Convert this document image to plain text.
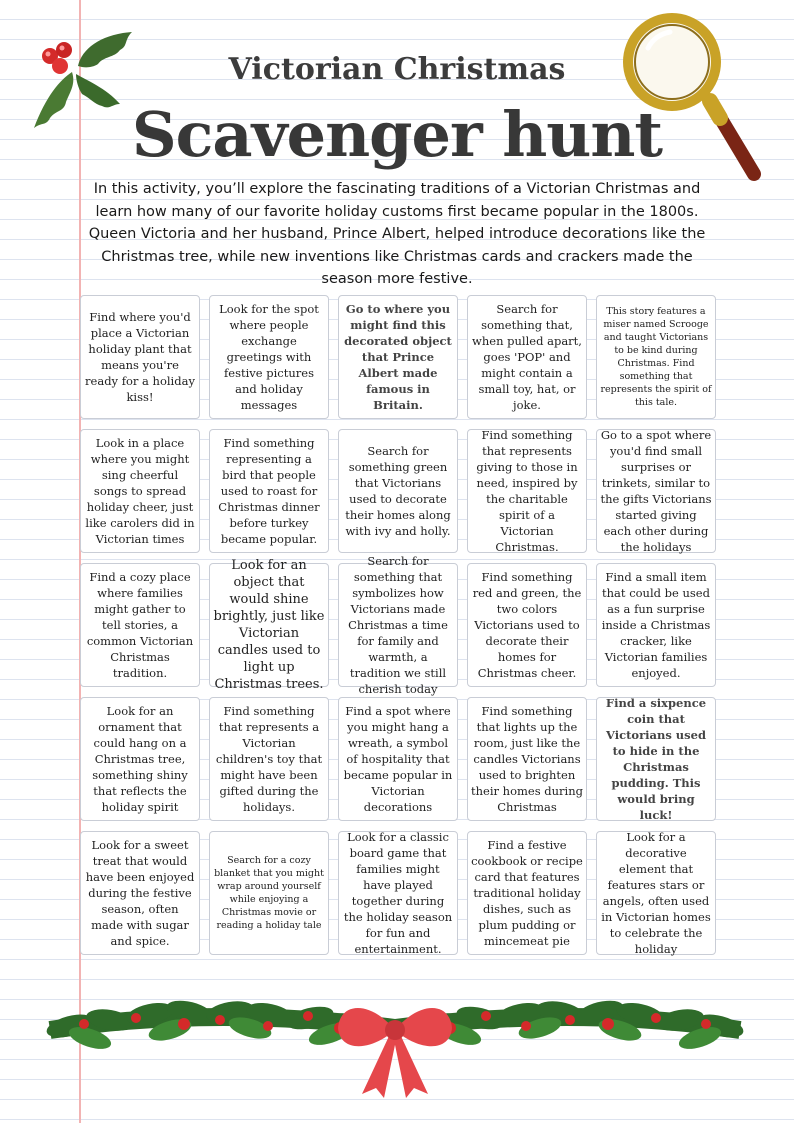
Victorian Christmas
Scavenger hunt
In this activity, you’ll explore the fascinating traditions of a Victorian Christmas and learn how many of our favorite holiday customs first became popular in the 1800s. Queen Victoria and her husband, Prince Albert, helped introduce decorations like the Christmas tree, while new inventions like Christmas cards and crackers made the season more festive.
Find where you'd place a Victorian holiday plant that means you're ready for a holiday kiss!
Look for the spot where people exchange greetings with festive pictures and holiday messages
Go to where you might find this decorated object that Prince Albert made famous in Britain.
Search for something that, when pulled apart, goes 'POP' and might contain a small toy, hat, or joke.
This story features a miser named Scrooge and taught Victorians to be kind during Christmas. Find something that represents the spirit of this tale.
Look in a place where you might sing cheerful songs to spread holiday cheer, just like carolers did in Victorian times
Find something representing a bird that people used to roast for Christmas dinner before turkey became popular.
Search for something green that Victorians used to decorate their homes along with ivy and holly.
Find something that represents giving to those in need, inspired by the charitable spirit of a Victorian Christmas.
Go to a spot where you'd find small surprises or trinkets, similar to the gifts Victorians started giving each other during the holidays
Find a cozy place where families might gather to tell stories, a common Victorian Christmas tradition.
Look for an object that would shine brightly, just like Victorian candles used to light up Christmas trees.
Search for something that symbolizes how Victorians made Christmas a time for family and warmth, a tradition we still cherish today
Find something red and green, the two colors Victorians used to decorate their homes for Christmas cheer.
Find a small item that could be used as a fun surprise inside a Christmas cracker, like Victorian families enjoyed.
Look for an ornament that could hang on a Christmas tree, something shiny that reflects the holiday spirit
Find something that represents a Victorian children's toy that might have been gifted during the holidays.
Find a spot where you might hang a wreath, a symbol of hospitality that became popular in Victorian decorations
Find something that lights up the room, just like the candles Victorians used to brighten their homes during Christmas
Find a sixpence coin that Victorians used to hide in the Christmas pudding. This would bring luck!
Look for a sweet treat that would have been enjoyed during the festive season, often made with sugar and spice.
Search for a cozy blanket that you might wrap around yourself while enjoying a Christmas movie or reading a holiday tale
Look for a classic board game that families might have played together during the holiday season for fun and entertainment.
Find a festive cookbook or recipe card that features traditional holiday dishes, such as plum pudding or mincemeat pie
Look for a decorative element that features stars or angels, often used in Victorian homes to celebrate the holiday
